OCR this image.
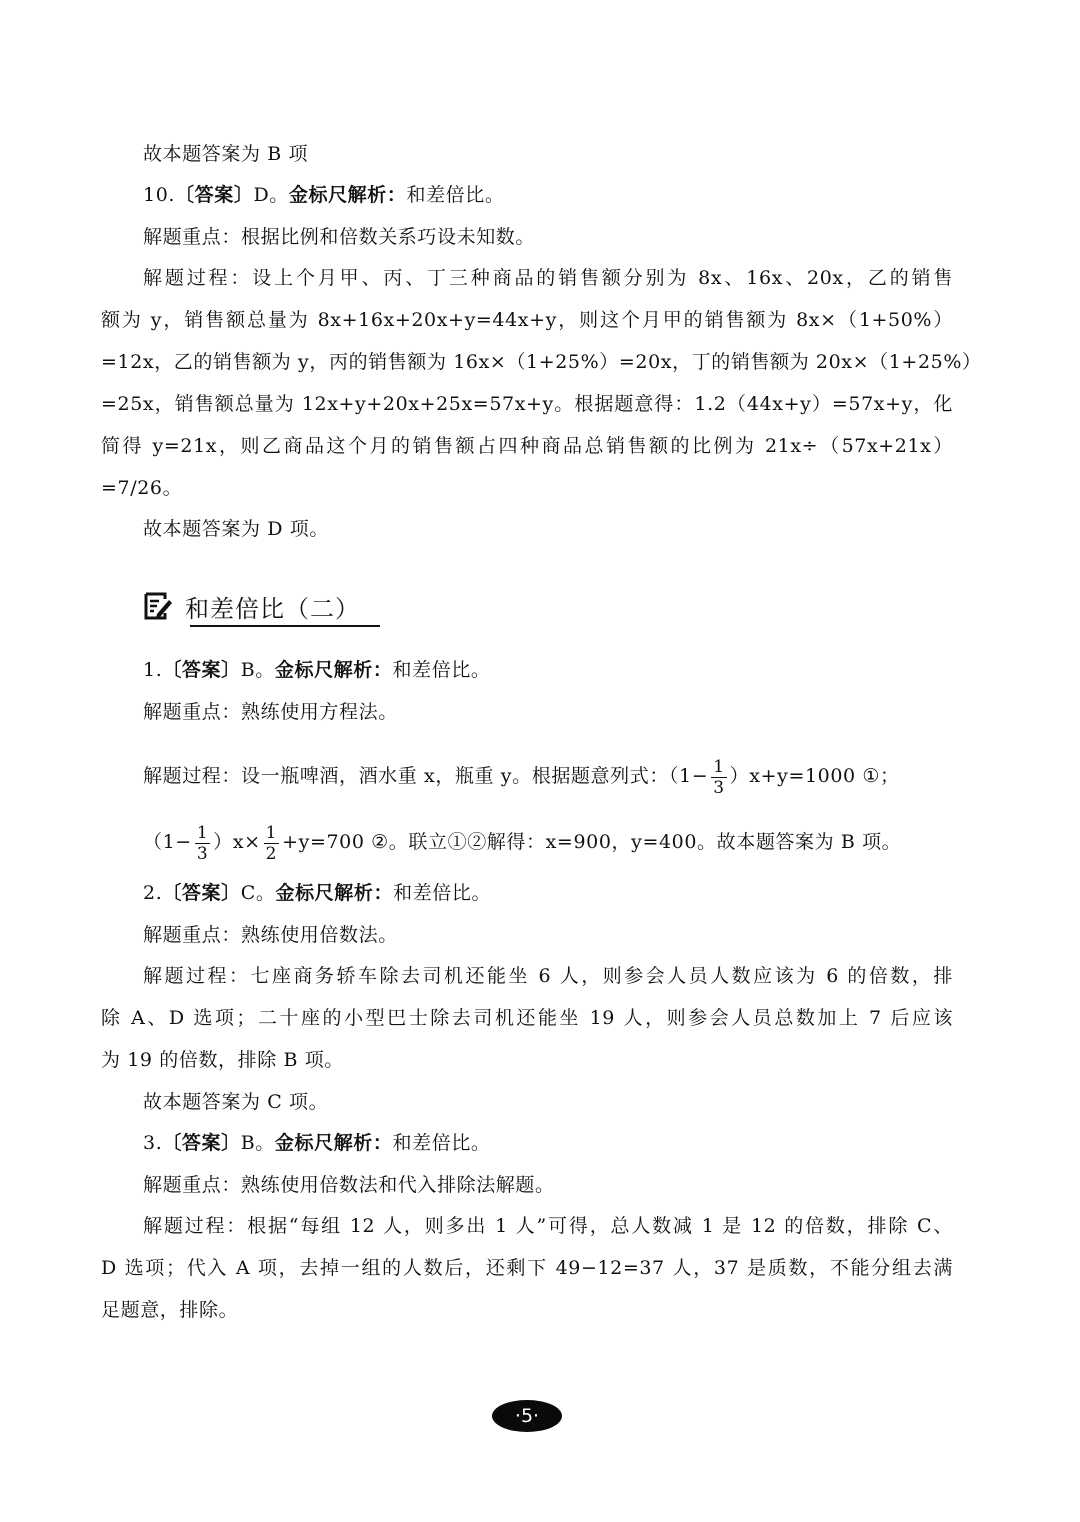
故本题答案为 B 项
10.〔答案〕D。金标尺解析：和差倍比。
解题重点：根据比例和倍数关系巧设未知数。
解题过程：设上个月甲、丙、丁三种商品的销售额分别为 8x、16x、20x，乙的销售
额为 y，销售额总量为 8x+16x+20x+y=44x+y，则这个月甲的销售额为 8x×（1+50%）
=12x，乙的销售额为 y，丙的销售额为 16x×（1+25%）=20x，丁的销售额为 20x×（1+25%）
=25x，销售额总量为 12x+y+20x+25x=57x+y。根据题意得：1.2（44x+y）=57x+y，化
简得 y=21x，则乙商品这个月的销售额占四种商品总销售额的比例为 21x÷（57x+21x）
=7/26。
故本题答案为 D 项。
和差倍比（二）
1.〔答案〕B。金标尺解析：和差倍比。
解题重点：熟练使用方程法。
解题过程：设一瓶啤酒，酒水重 x，瓶重 y。根据题意列式：$(1- \frac{1}{3} )x+y=1000$ ①；
$(1- \frac{1}{3} )x\times \frac{1}{2} +y=700$ ②。联立①②解得：x=900，y=400。故本题答案为 B 项。
2.〔答案〕C。金标尺解析：和差倍比。
解题重点：熟练使用倍数法。
解题过程：七座商务轿车除去司机还能坐 6 人，则参会人员人数应该为 6 的倍数，排
除 A、D 选项；二十座的小型巴士除去司机还能坐 19 人，则参会人员总数加上 7 后应该
为 19 的倍数，排除 B 项。
故本题答案为 C 项。
3.〔答案〕B。金标尺解析：和差倍比。
解题重点：熟练使用倍数法和代入排除法解题。
解题过程：根据“每组 12 人，则多出 1 人”可得，总人数减 1 是 12 的倍数，排除 C、
D 选项；代入 A 项，去掉一组的人数后，还剩下 49−12=37 人，37 是质数，不能分组去满
足题意，排除。
·5·
